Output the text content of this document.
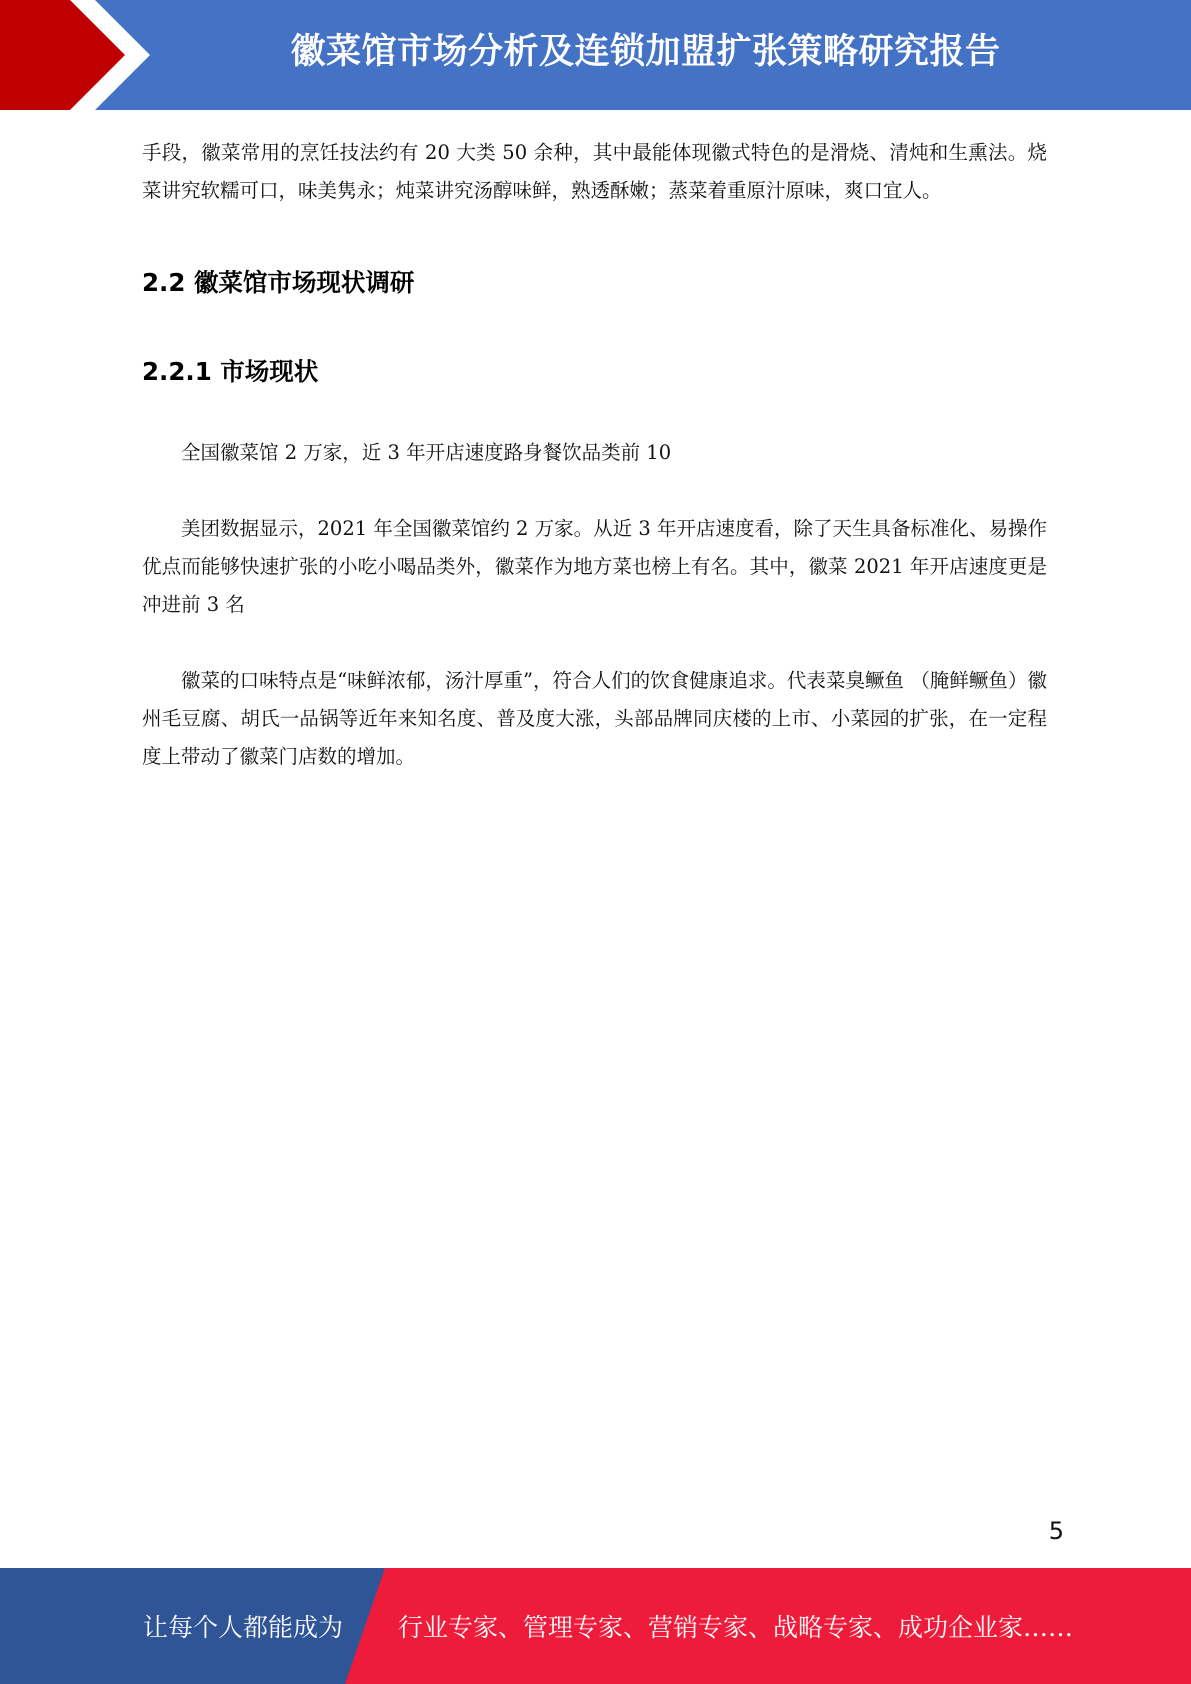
徽菜馆市场分析及连锁加盟扩张策略研究报告

手段，徽菜常用的烹饪技法约有 20 大类 50 余种，其中最能体现徽式特色的是滑烧、清炖和生熏法。烧菜讲究软糯可口，味美隽永；炖菜讲究汤醇味鲜，熟透酥嫩；蒸菜着重原汁原味，爽口宜人。

2.2 徽菜馆市场现状调研
2.2.1 市场现状

全国徽菜馆 2 万家，近 3 年开店速度路身餐饮品类前 10

美团数据显示，2021 年全国徽菜馆约 2 万家。从近 3 年开店速度看，除了天生具备标准化、易操作优点而能够快速扩张的小吃小喝品类外，徽菜作为地方菜也榜上有名。其中，徽菜 2021 年开店速度更是冲进前 3 名

徽菜的口味特点是“味鲜浓郁，汤汁厚重”，符合人们的饮食健康追求。代表菜臭鳜鱼 （腌鲜鳜鱼）徽州毛豆腐、胡氏一品锅等近年来知名度、普及度大涨，头部品牌同庆楼的上市、小菜园的扩张，在一定程度上带动了徽菜门店数的增加。

5
让每个人都能成为 行业专家、管理专家、营销专家、战略专家、成功企业家……
